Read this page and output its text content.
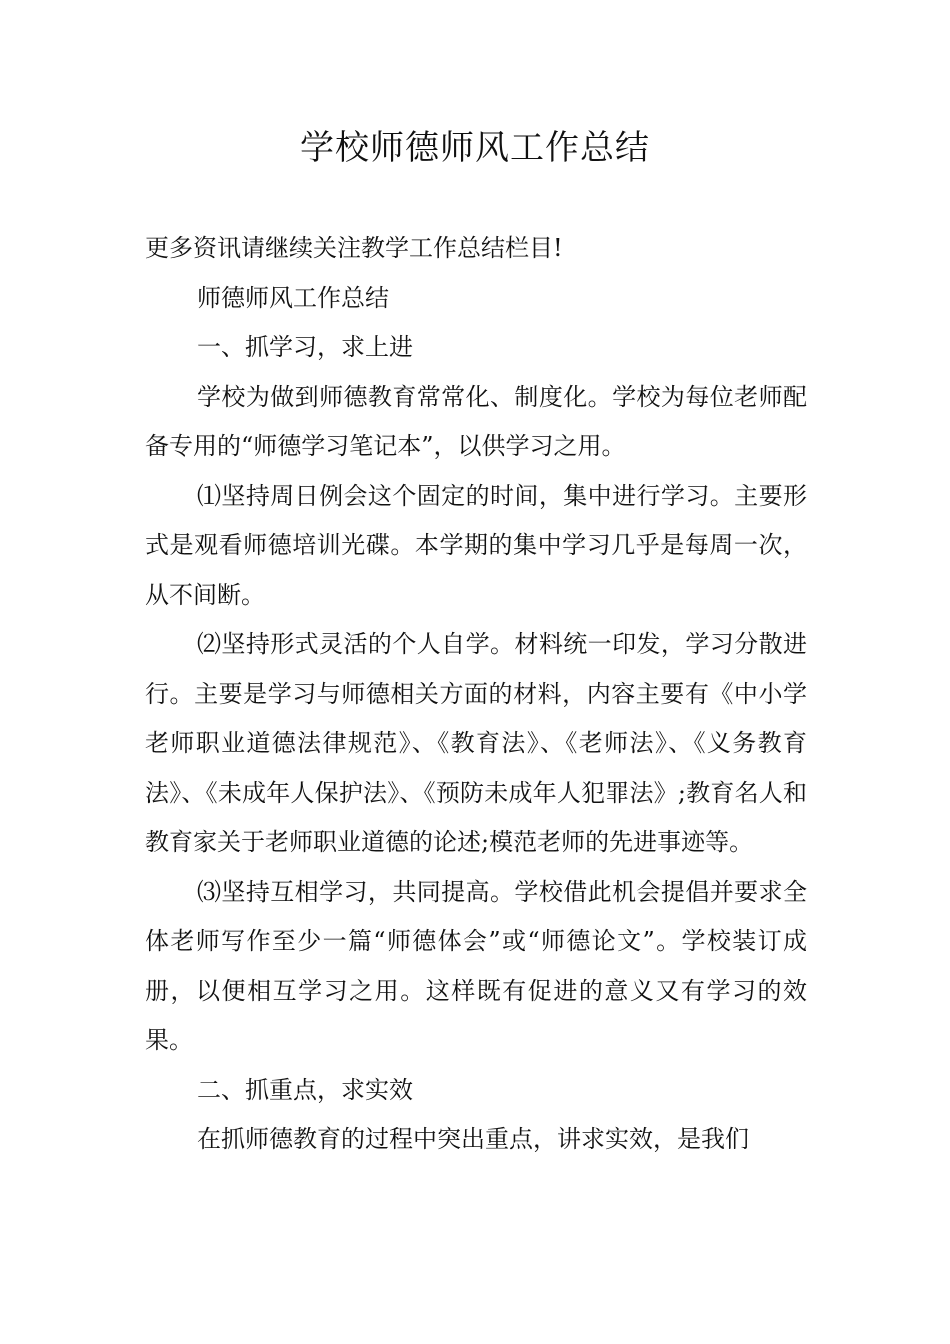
学校师德师风工作总结

更多资讯请继续关注教学工作总结栏目!

师德师风工作总结

一、抓学习，求上进

学校为做到师德教育常常化、制度化。学校为每位老师配备专用的“师德学习笔记本”，以供学习之用。

⑴坚持周日例会这个固定的时间，集中进行学习。主要形式是观看师德培训光碟。本学期的集中学习几乎是每周一次，从不间断。

⑵坚持形式灵活的个人自学。材料统一印发，学习分散进行。主要是学习与师德相关方面的材料，内容主要有《中小学老师职业道德法律规范》、《教育法》、《老师法》、《义务教育法》、《未成年人保护法》、《预防未成年人犯罪法》;教育名人和教育家关于老师职业道德的论述;模范老师的先进事迹等。

⑶坚持互相学习，共同提高。学校借此机会提倡并要求全体老师写作至少一篇“师德体会”或“师德论文”。学校装订成册，以便相互学习之用。这样既有促进的意义又有学习的效果。

二、抓重点，求实效

在抓师德教育的过程中突出重点，讲求实效，是我们
